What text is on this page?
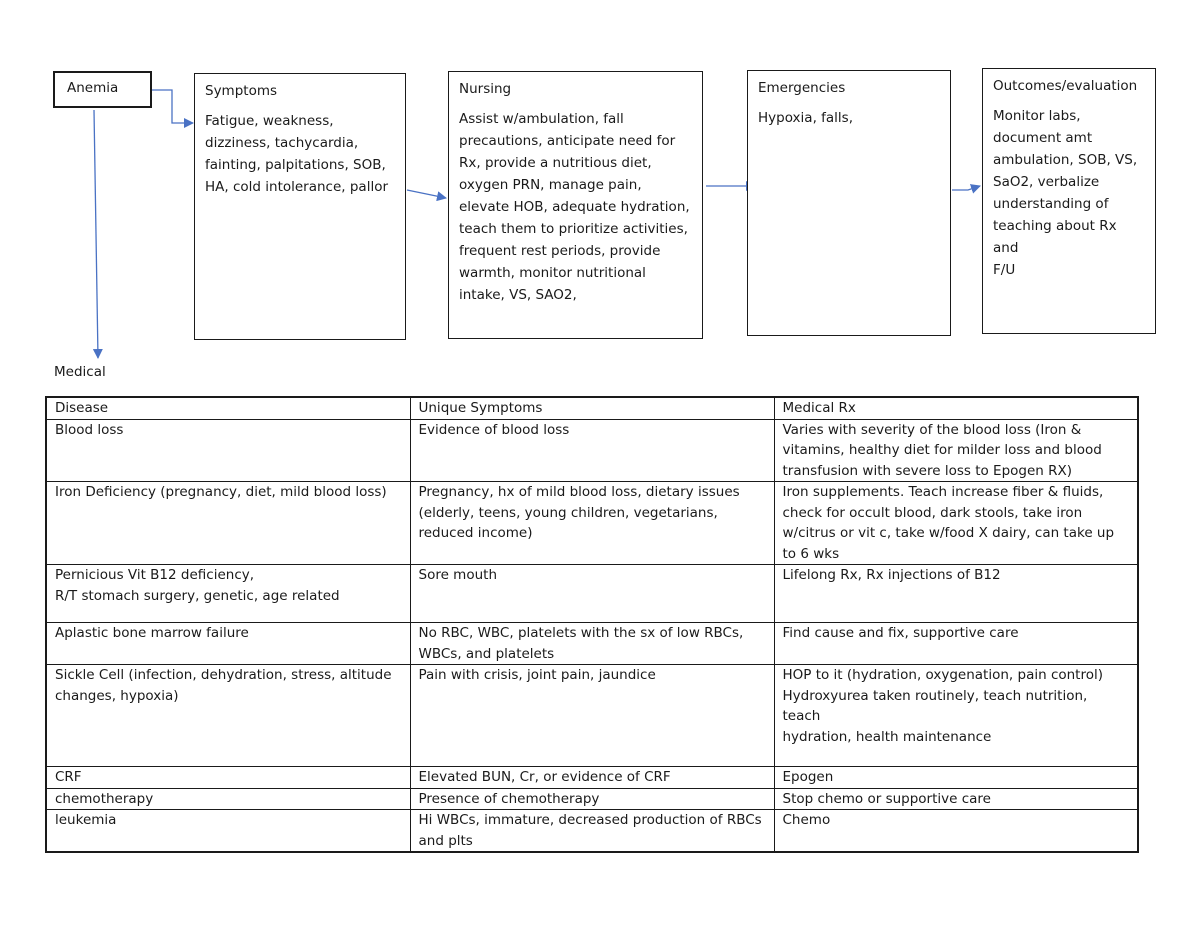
Anemia	Symptoms
Fatigue, weakness,
dizziness, tachycardia,
fainting, palpitations, SOB,
HA, cold intolerance, pallor
Nursing
Assist w/ambulation, fall
precautions, anticipate need for
Rx, provide a nutritious diet,
oxygen PRN, manage pain,
elevate HOB, adequate hydration,
teach them to prioritize activities,
frequent rest periods, provide
warmth, monitor nutritional
intake, VS, SAO2,
Emergencies
Hypoxia, falls,
Outcomes/evaluation
Monitor labs,
document amt
ambulation, SOB, VS,
SaO2, verbalize
understanding of
teaching about Rx and
F/U
Medical
Disease	Unique Symptoms	Medical Rx
Blood loss	Evidence of blood loss	Varies with severity of the blood loss (Iron &
vitamins, healthy diet for milder loss and blood
transfusion with severe loss to Epogen RX)
Iron Deficiency (pregnancy, diet, mild blood loss)	Pregnancy, hx of mild blood loss, dietary issues
(elderly, teens, young children, vegetarians,
reduced income)	Iron supplements. Teach increase fiber & fluids,
check for occult blood, dark stools, take iron
w/citrus or vit c, take w/food X dairy, can take up
to 6 wks
Pernicious Vit B12 deficiency,
R/T stomach surgery, genetic, age related	Sore mouth	Lifelong Rx, Rx injections of B12
Aplastic bone marrow failure	No RBC, WBC, platelets with the sx of low RBCs,
WBCs, and platelets	Find cause and fix, supportive care
Sickle Cell (infection, dehydration, stress, altitude
changes, hypoxia)	Pain with crisis, joint pain, jaundice	HOP to it (hydration, oxygenation, pain control)
Hydroxyurea taken routinely, teach nutrition, teach
hydration, health maintenance
CRF	Elevated BUN, Cr, or evidence of CRF	Epogen
chemotherapy	Presence of chemotherapy	Stop chemo or supportive care
leukemia	Hi WBCs, immature, decreased production of RBCs
and plts	Chemo
